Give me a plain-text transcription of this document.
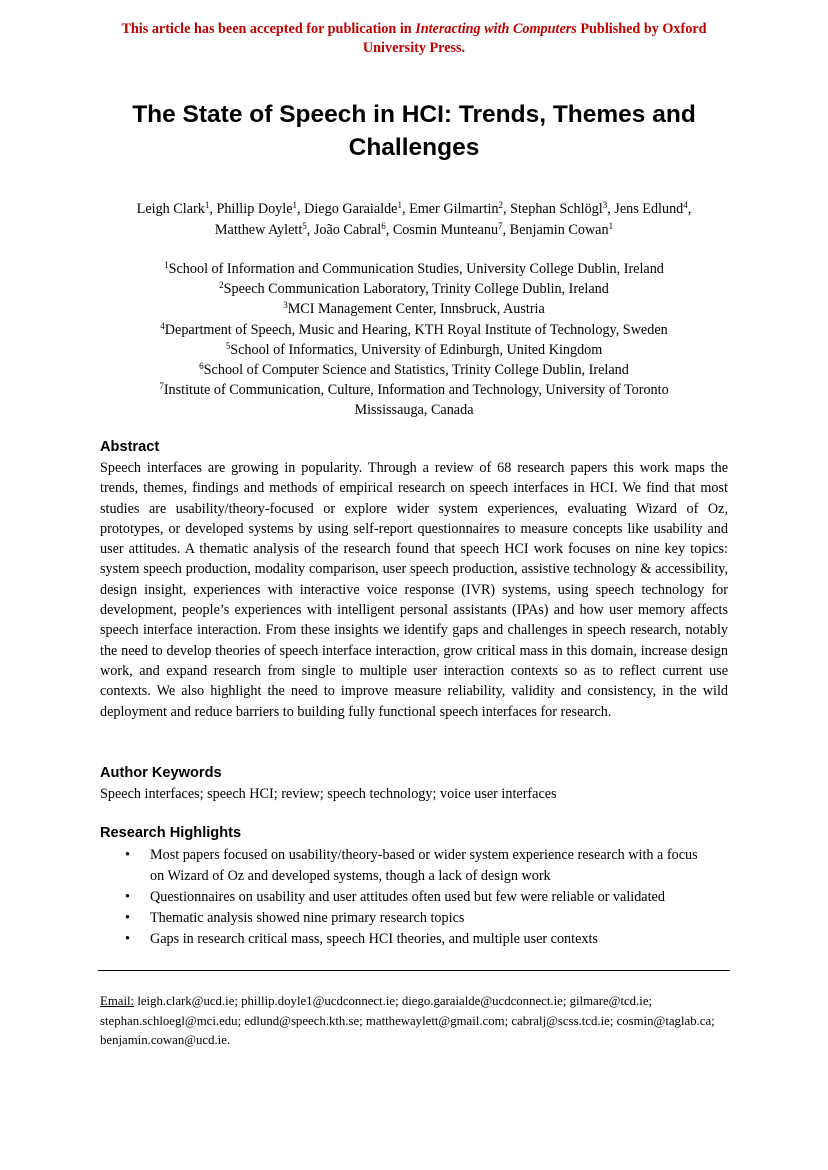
This article has been accepted for publication in Interacting with Computers Published by Oxford University Press.
The State of Speech in HCI: Trends, Themes and Challenges
Leigh Clark$^1$, Phillip Doyle$^1$, Diego Garaialde$^1$, Emer Gilmartin$^2$, Stephan Schlögl$^3$, Jens Edlund$^4$,
Matthew Aylett$^5$, João Cabral$^6$, Cosmin Munteanu$^7$, Benjamin Cowan$^1$
$^1$School of Information and Communication Studies, University College Dublin, Ireland
$^2$Speech Communication Laboratory, Trinity College Dublin, Ireland
$^3$MCI Management Center, Innsbruck, Austria
$^4$Department of Speech, Music and Hearing, KTH Royal Institute of Technology, Sweden
$^5$School of Informatics, University of Edinburgh, United Kingdom
$^6$School of Computer Science and Statistics, Trinity College Dublin, Ireland
$^7$Institute of Communication, Culture, Information and Technology, University of Toronto Mississauga, Canada
Abstract

Speech interfaces are growing in popularity. Through a review of 68 research papers this work maps the trends, themes, findings and methods of empirical research on speech interfaces in HCI. We find that most studies are usability/theory-focused or explore wider system experiences, evaluating Wizard of Oz, prototypes, or developed systems by using self-report questionnaires to measure concepts like usability and user attitudes. A thematic analysis of the research found that speech HCI work focuses on nine key topics: system speech production, modality comparison, user speech production, assistive technology & accessibility, design insight, experiences with interactive voice response (IVR) systems, using speech technology for development, people’s experiences with intelligent personal assistants (IPAs) and how user memory affects speech interface interaction. From these insights we identify gaps and challenges in speech research, notably the need to develop theories of speech interface interaction, grow critical mass in this domain, increase design work, and expand research from single to multiple user interaction contexts so as to reflect current use contexts. We also highlight the need to improve measure reliability, validity and consistency, in the wild deployment and reduce barriers to building fully functional speech interfaces for research.

Author Keywords

Speech interfaces; speech HCI; review; speech technology; voice user interfaces

Research Highlights
• Most papers focused on usability/theory-based or wider system experience research with a focus on Wizard of Oz and developed systems, though a lack of design work
• Questionnaires on usability and user attitudes often used but few were reliable or validated
• Thematic analysis showed nine primary research topics
• Gaps in research critical mass, speech HCI theories, and multiple user contexts
Email: leigh.clark@ucd.ie; phillip.doyle1@ucdconnect.ie; diego.garaialde@ucdconnect.ie; gilmare@tcd.ie; stephan.schloegl@mci.edu; edlund@speech.kth.se; matthewaylett@gmail.com; cabralj@scss.tcd.ie; cosmin@taglab.ca; benjamin.cowan@ucd.ie.
